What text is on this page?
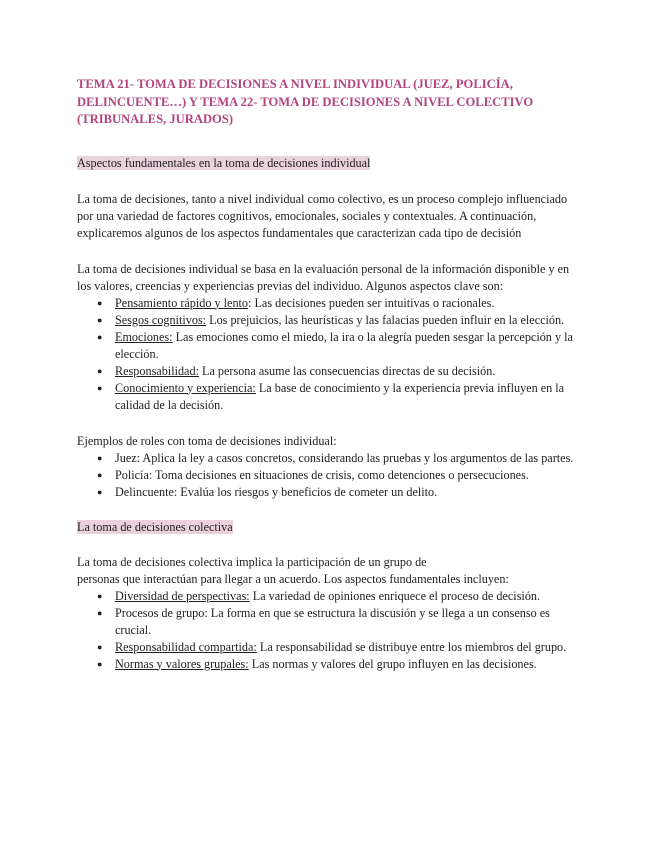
TEMA 21- TOMA DE DECISIONES A NIVEL INDIVIDUAL (JUEZ, POLICÍA, DELINCUENTE…) Y TEMA 22- TOMA DE DECISIONES A NIVEL COLECTIVO (TRIBUNALES, JURADOS)

Aspectos fundamentales en la toma de decisiones individual

La toma de decisiones, tanto a nivel individual como colectivo, es un proceso complejo influenciado por una variedad de factores cognitivos, emocionales, sociales y contextuales. A continuación, explicaremos algunos de los aspectos fundamentales que caracterizan cada tipo de decisión

La toma de decisiones individual se basa en la evaluación personal de la información disponible y en los valores, creencias y experiencias previas del individuo. Algunos aspectos clave son:

● Pensamiento rápido y lento: Las decisiones pueden ser intuitivas o racionales.
● Sesgos cognitivos: Los prejuicios, las heurísticas y las falacias pueden influir en la elección.
● Emociones: Las emociones como el miedo, la ira o la alegría pueden sesgar la percepción y la elección.
● Responsabilidad: La persona asume las consecuencias directas de su decisión.
● Conocimiento y experiencia: La base de conocimiento y la experiencia previa influyen en la calidad de la decisión.

Ejemplos de roles con toma de decisiones individual:

● Juez: Aplica la ley a casos concretos, considerando las pruebas y los argumentos de las partes.
● Policía: Toma decisiones en situaciones de crisis, como detenciones o persecuciones.
● Delincuente: Evalúa los riesgos y beneficios de cometer un delito.

La toma de decisiones colectiva

La toma de decisiones colectiva implica la participación de un grupo de
personas que interactúan para llegar a un acuerdo. Los aspectos fundamentales incluyen:

● Diversidad de perspectivas: La variedad de opiniones enriquece el proceso de decisión.
● Procesos de grupo: La forma en que se estructura la discusión y se llega a un consenso es crucial.
● Responsabilidad compartida: La responsabilidad se distribuye entre los miembros del grupo.
● Normas y valores grupales: Las normas y valores del grupo influyen en las decisiones.
